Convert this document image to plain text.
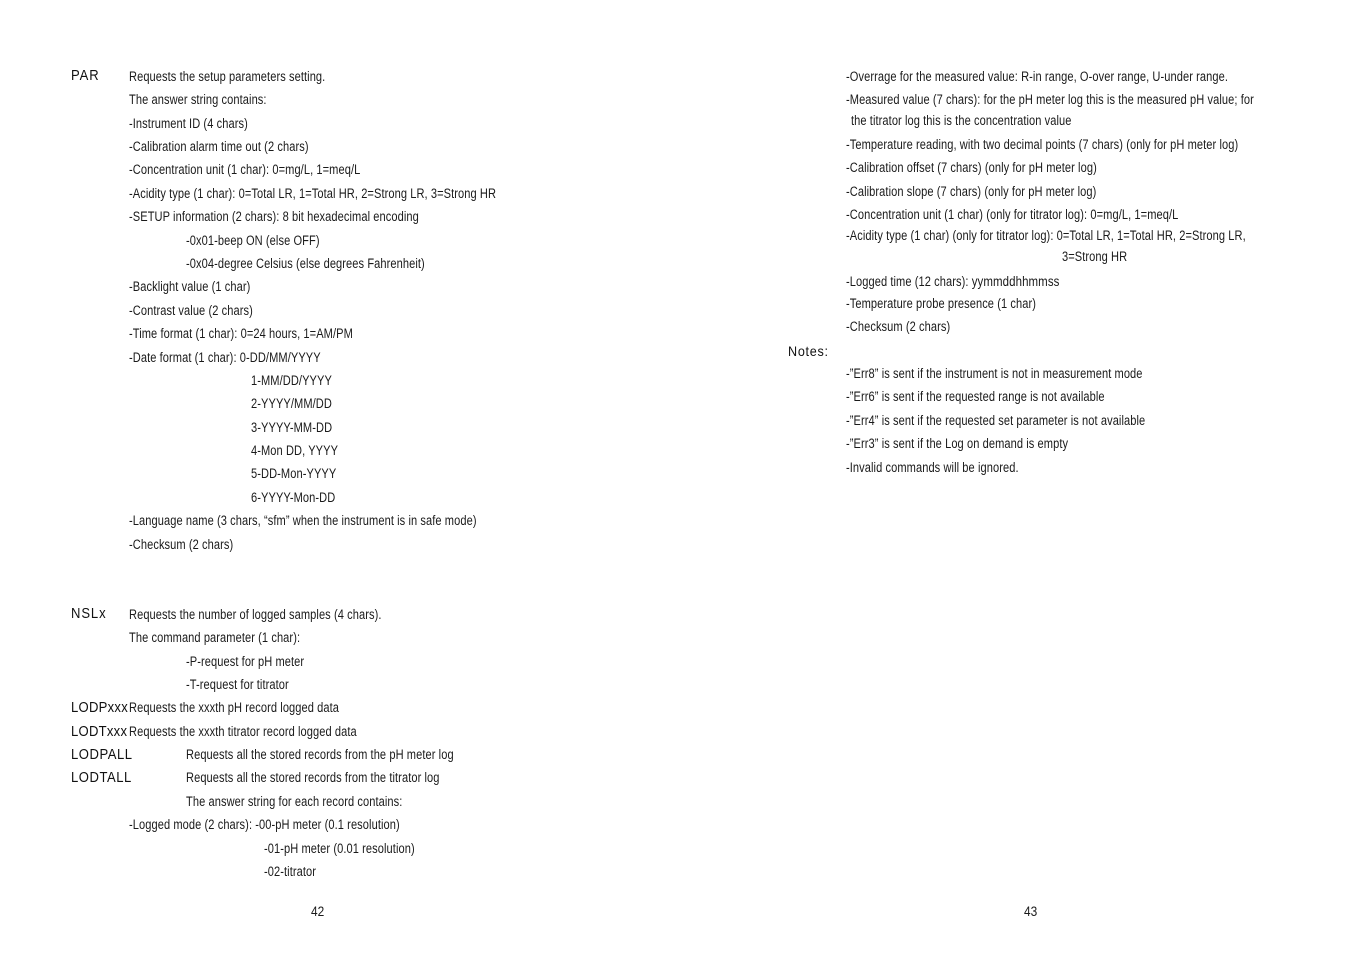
PAR Requests the setup parameters setting.
The answer string contains:
-Instrument ID (4 chars)
-Calibration alarm time out (2 chars)
-Concentration unit (1 char): 0=mg/L, 1=meq/L
-Acidity type (1 char): 0=Total LR, 1=Total HR, 2=Strong LR, 3=Strong HR
-SETUP information (2 chars): 8 bit hexadecimal encoding
-0x01-beep ON (else OFF)
-0x04-degree Celsius (else degrees Fahrenheit)
-Backlight value (1 char)
-Contrast value (2 chars)
-Time format (1 char): 0=24 hours, 1=AM/PM
-Date format (1 char): 0-DD/MM/YYYY
1-MM/DD/YYYY
2-YYYY/MM/DD
3-YYYY-MM-DD
4-Mon DD, YYYY
5-DD-Mon-YYYY
6-YYYY-Mon-DD
-Language name (3 chars, “sfm” when the instrument is in safe mode)
-Checksum (2 chars)
NSLx Requests the number of logged samples (4 chars).
The command parameter (1 char):
-P-request for pH meter
-T-request for titrator
LODPxxx Requests the xxxth pH record logged data
LODTxxx Requests the xxxth titrator record logged data
LODPALL	Requests all the stored records from the pH meter log
LODTALL	Requests all the stored records from the titrator log
The answer string for each record contains:
-Logged mode (2 chars): -00-pH meter (0.1 resolution)
-01-pH meter (0.01 resolution)
-02-titrator
42
-Overrage for the measured value: R-in range, O-over range, U-under range.
-Measured value (7 chars): for the pH meter log this is the measured pH value; for
the titrator log this is the concentration value
-Temperature reading, with two decimal points (7 chars) (only for pH meter log)
-Calibration offset (7 chars) (only for pH meter log)
-Calibration slope (7 chars) (only for pH meter log)
-Concentration unit (1 char) (only for titrator log): 0=mg/L, 1=meq/L
-Acidity type (1 char) (only for titrator log): 0=Total LR, 1=Total HR, 2=Strong LR,
3=Strong HR
-Logged time (12 chars): yymmddhhmmss
-Temperature probe presence (1 char)
-Checksum (2 chars)
Notes:
-”Err8” is sent if the instrument is not in measurement mode
-”Err6” is sent if the requested range is not available
-”Err4” is sent if the requested set parameter is not available
-”Err3” is sent if the Log on demand is empty
-Invalid commands will be ignored.
43
